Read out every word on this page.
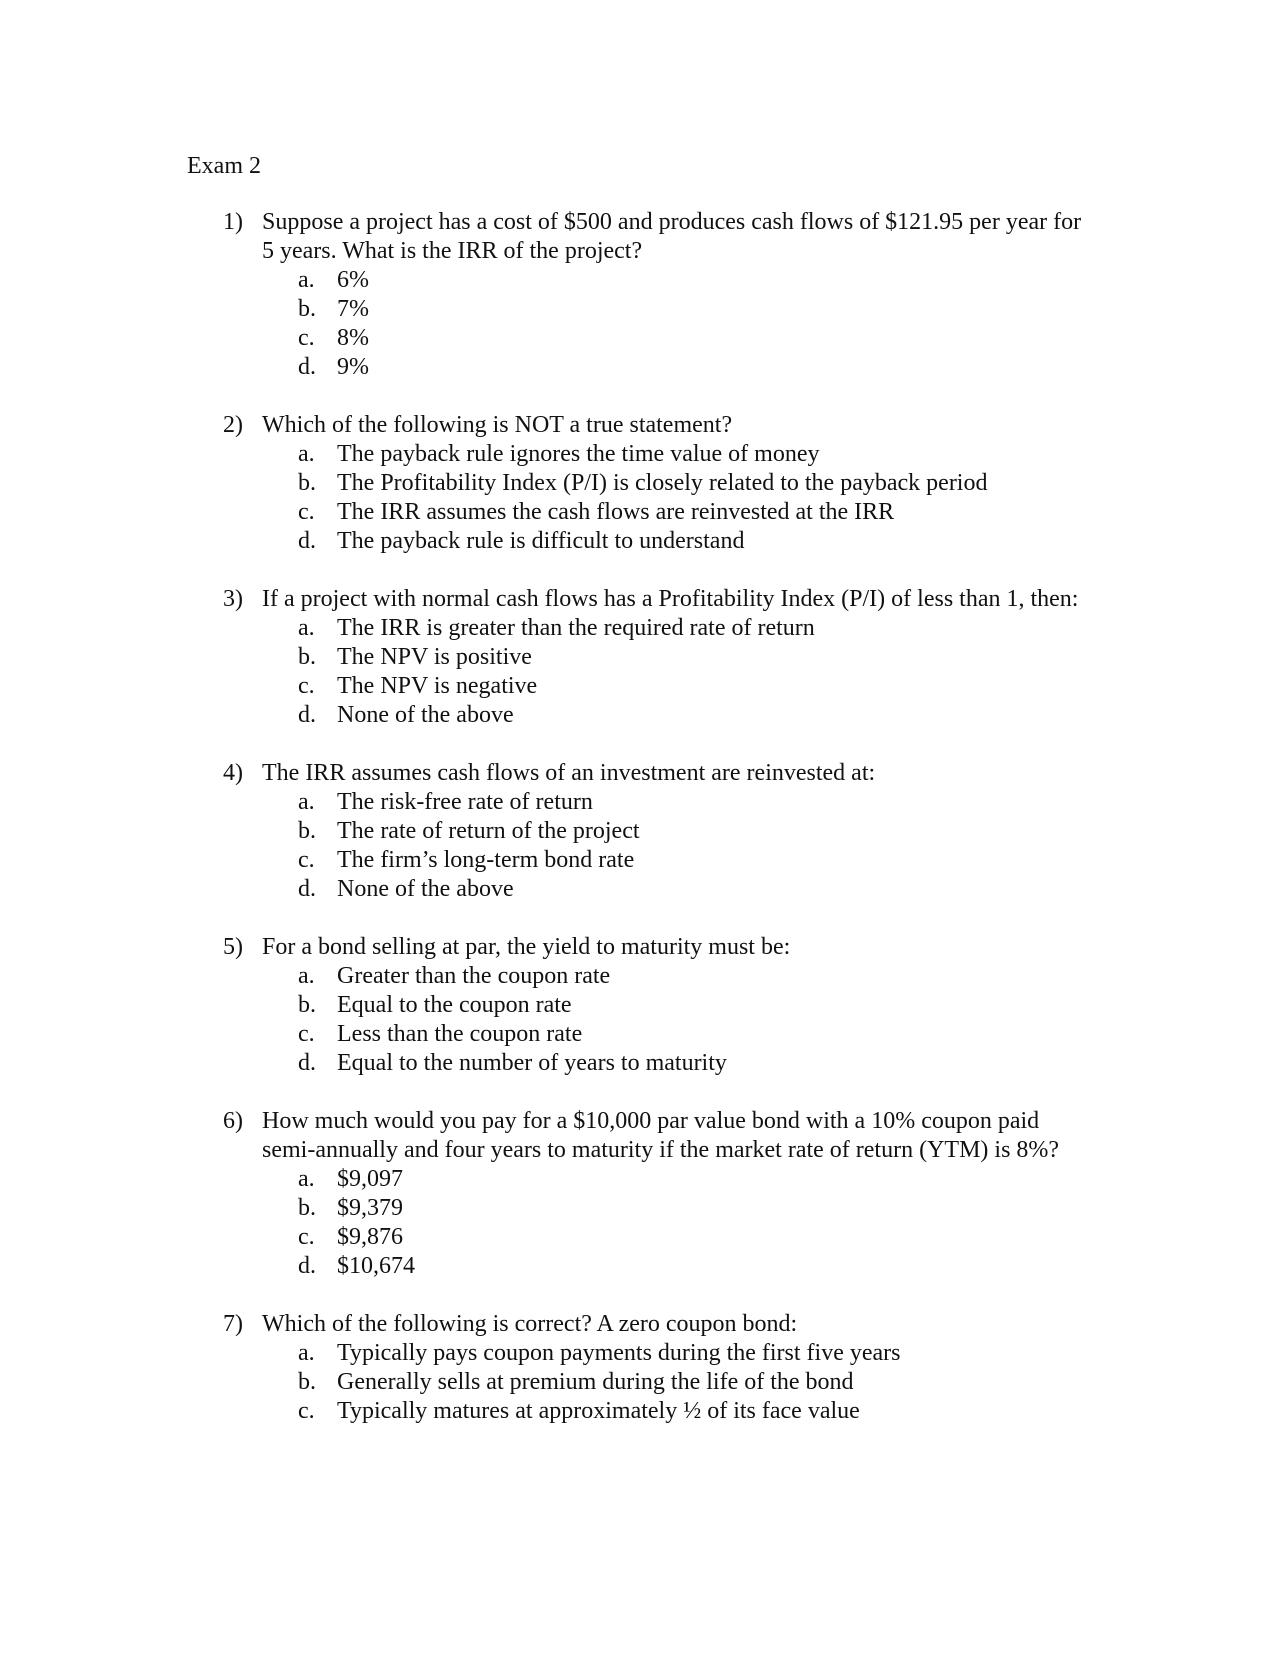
Exam 2
1) Suppose a project has a cost of $500 and produces cash flows of $121.95 per year for 5 years. What is the IRR of the project?
a. 6%
b. 7%
c. 8%
d. 9%
2) Which of the following is NOT a true statement?
a. The payback rule ignores the time value of money
b. The Profitability Index (P/I) is closely related to the payback period
c. The IRR assumes the cash flows are reinvested at the IRR
d. The payback rule is difficult to understand
3) If a project with normal cash flows has a Profitability Index (P/I) of less than 1, then:
a. The IRR is greater than the required rate of return
b. The NPV is positive
c. The NPV is negative
d. None of the above
4) The IRR assumes cash flows of an investment are reinvested at:
a. The risk-free rate of return
b. The rate of return of the project
c. The firm’s long-term bond rate
d. None of the above
5) For a bond selling at par, the yield to maturity must be:
a. Greater than the coupon rate
b. Equal to the coupon rate
c. Less than the coupon rate
d. Equal to the number of years to maturity
6) How much would you pay for a $10,000 par value bond with a 10% coupon paid semi-annually and four years to maturity if the market rate of return (YTM) is 8%?
a. $9,097
b. $9,379
c. $9,876
d. $10,674
7) Which of the following is correct? A zero coupon bond:
a. Typically pays coupon payments during the first five years
b. Generally sells at premium during the life of the bond
c. Typically matures at approximately ½ of its face value
